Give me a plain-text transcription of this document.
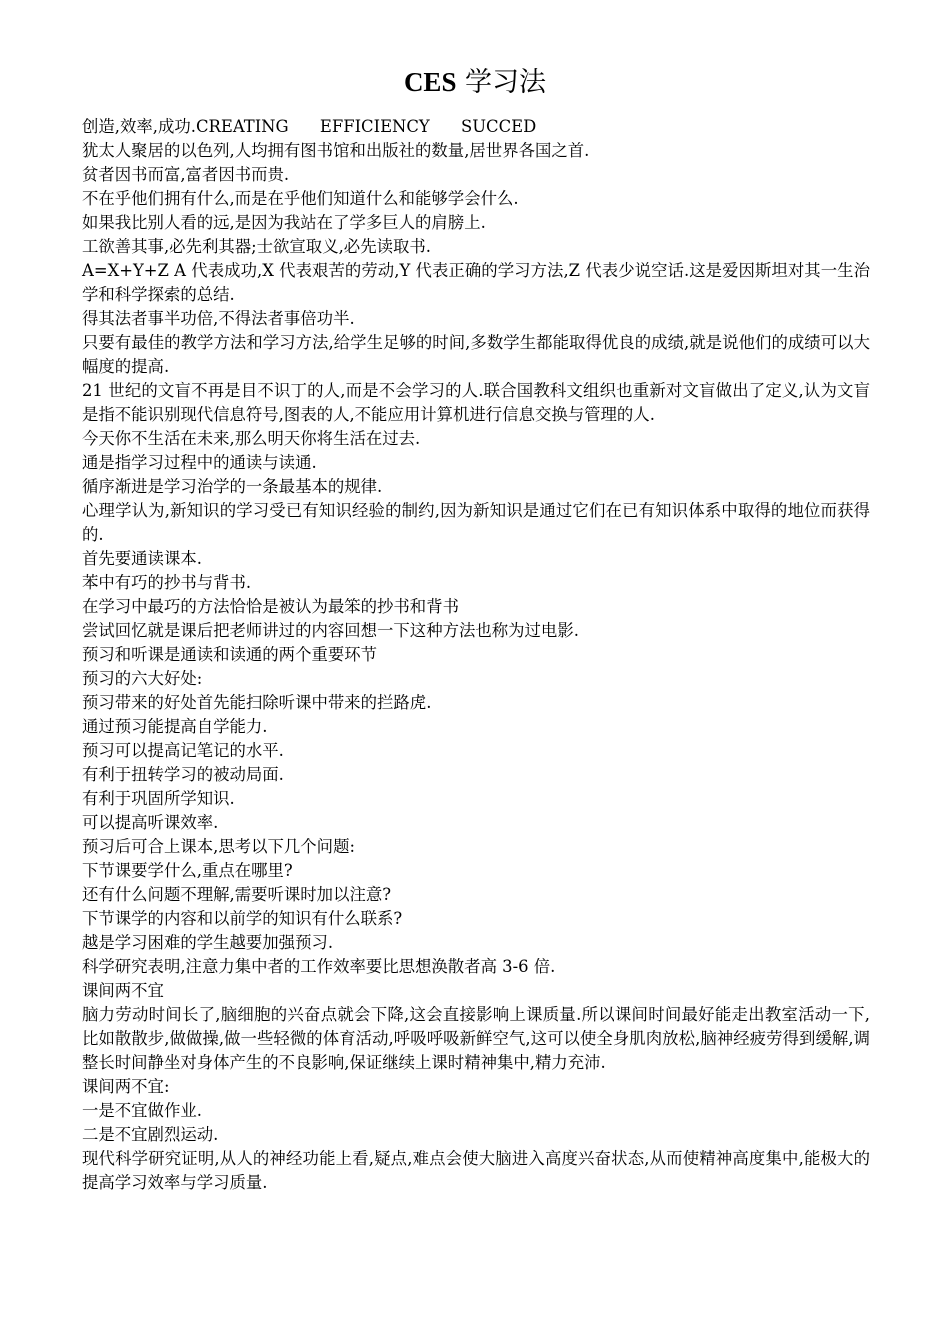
CES 学习法

创造,效率,成功.CREATING      EFFICIENCY      SUCCED

犹太人聚居的以色列,人均拥有图书馆和出版社的数量,居世界各国之首.

贫者因书而富,富者因书而贵.

不在乎他们拥有什么,而是在乎他们知道什么和能够学会什么.

如果我比别人看的远,是因为我站在了学多巨人的肩膀上.

工欲善其事,必先利其器;士欲宣取义,必先读取书.

A=X+Y+Z A 代表成功,X 代表艰苦的劳动,Y 代表正确的学习方法,Z 代表少说空话.这是爱因斯坦对其一生治学和科学探索的总结.

得其法者事半功倍,不得法者事倍功半.

只要有最佳的教学方法和学习方法,给学生足够的时间,多数学生都能取得优良的成绩,就是说他们的成绩可以大幅度的提高.

21 世纪的文盲不再是目不识丁的人,而是不会学习的人.联合国教科文组织也重新对文盲做出了定义,认为文盲是指不能识别现代信息符号,图表的人,不能应用计算机进行信息交换与管理的人.

今天你不生活在未来,那么明天你将生活在过去.

通是指学习过程中的通读与读通.

循序渐进是学习治学的一条最基本的规律.

心理学认为,新知识的学习受已有知识经验的制约,因为新知识是通过它们在已有知识体系中取得的地位而获得的.

首先要通读课本.

苯中有巧的抄书与背书.

在学习中最巧的方法恰恰是被认为最笨的抄书和背书

尝试回忆就是课后把老师讲过的内容回想一下这种方法也称为过电影.

预习和听课是通读和读通的两个重要环节

预习的六大好处:

预习带来的好处首先能扫除听课中带来的拦路虎.

通过预习能提高自学能力.

预习可以提高记笔记的水平.

有利于扭转学习的被动局面.

有利于巩固所学知识.

可以提高听课效率.

预习后可合上课本,思考以下几个问题:

下节课要学什么,重点在哪里?

还有什么问题不理解,需要听课时加以注意?

下节课学的内容和以前学的知识有什么联系?

越是学习困难的学生越要加强预习.

科学研究表明,注意力集中者的工作效率要比思想涣散者高 3-6 倍.

课间两不宜

脑力劳动时间长了,脑细胞的兴奋点就会下降,这会直接影响上课质量.所以课间时间最好能走出教室活动一下,比如散散步,做做操,做一些轻微的体育活动,呼吸呼吸新鲜空气,这可以使全身肌肉放松,脑神经疲劳得到缓解,调整长时间静坐对身体产生的不良影响,保证继续上课时精神集中,精力充沛.

课间两不宜:

一是不宜做作业.

二是不宜剧烈运动.

现代科学研究证明,从人的神经功能上看,疑点,难点会使大脑进入高度兴奋状态,从而使精神高度集中,能极大的提高学习效率与学习质量.
